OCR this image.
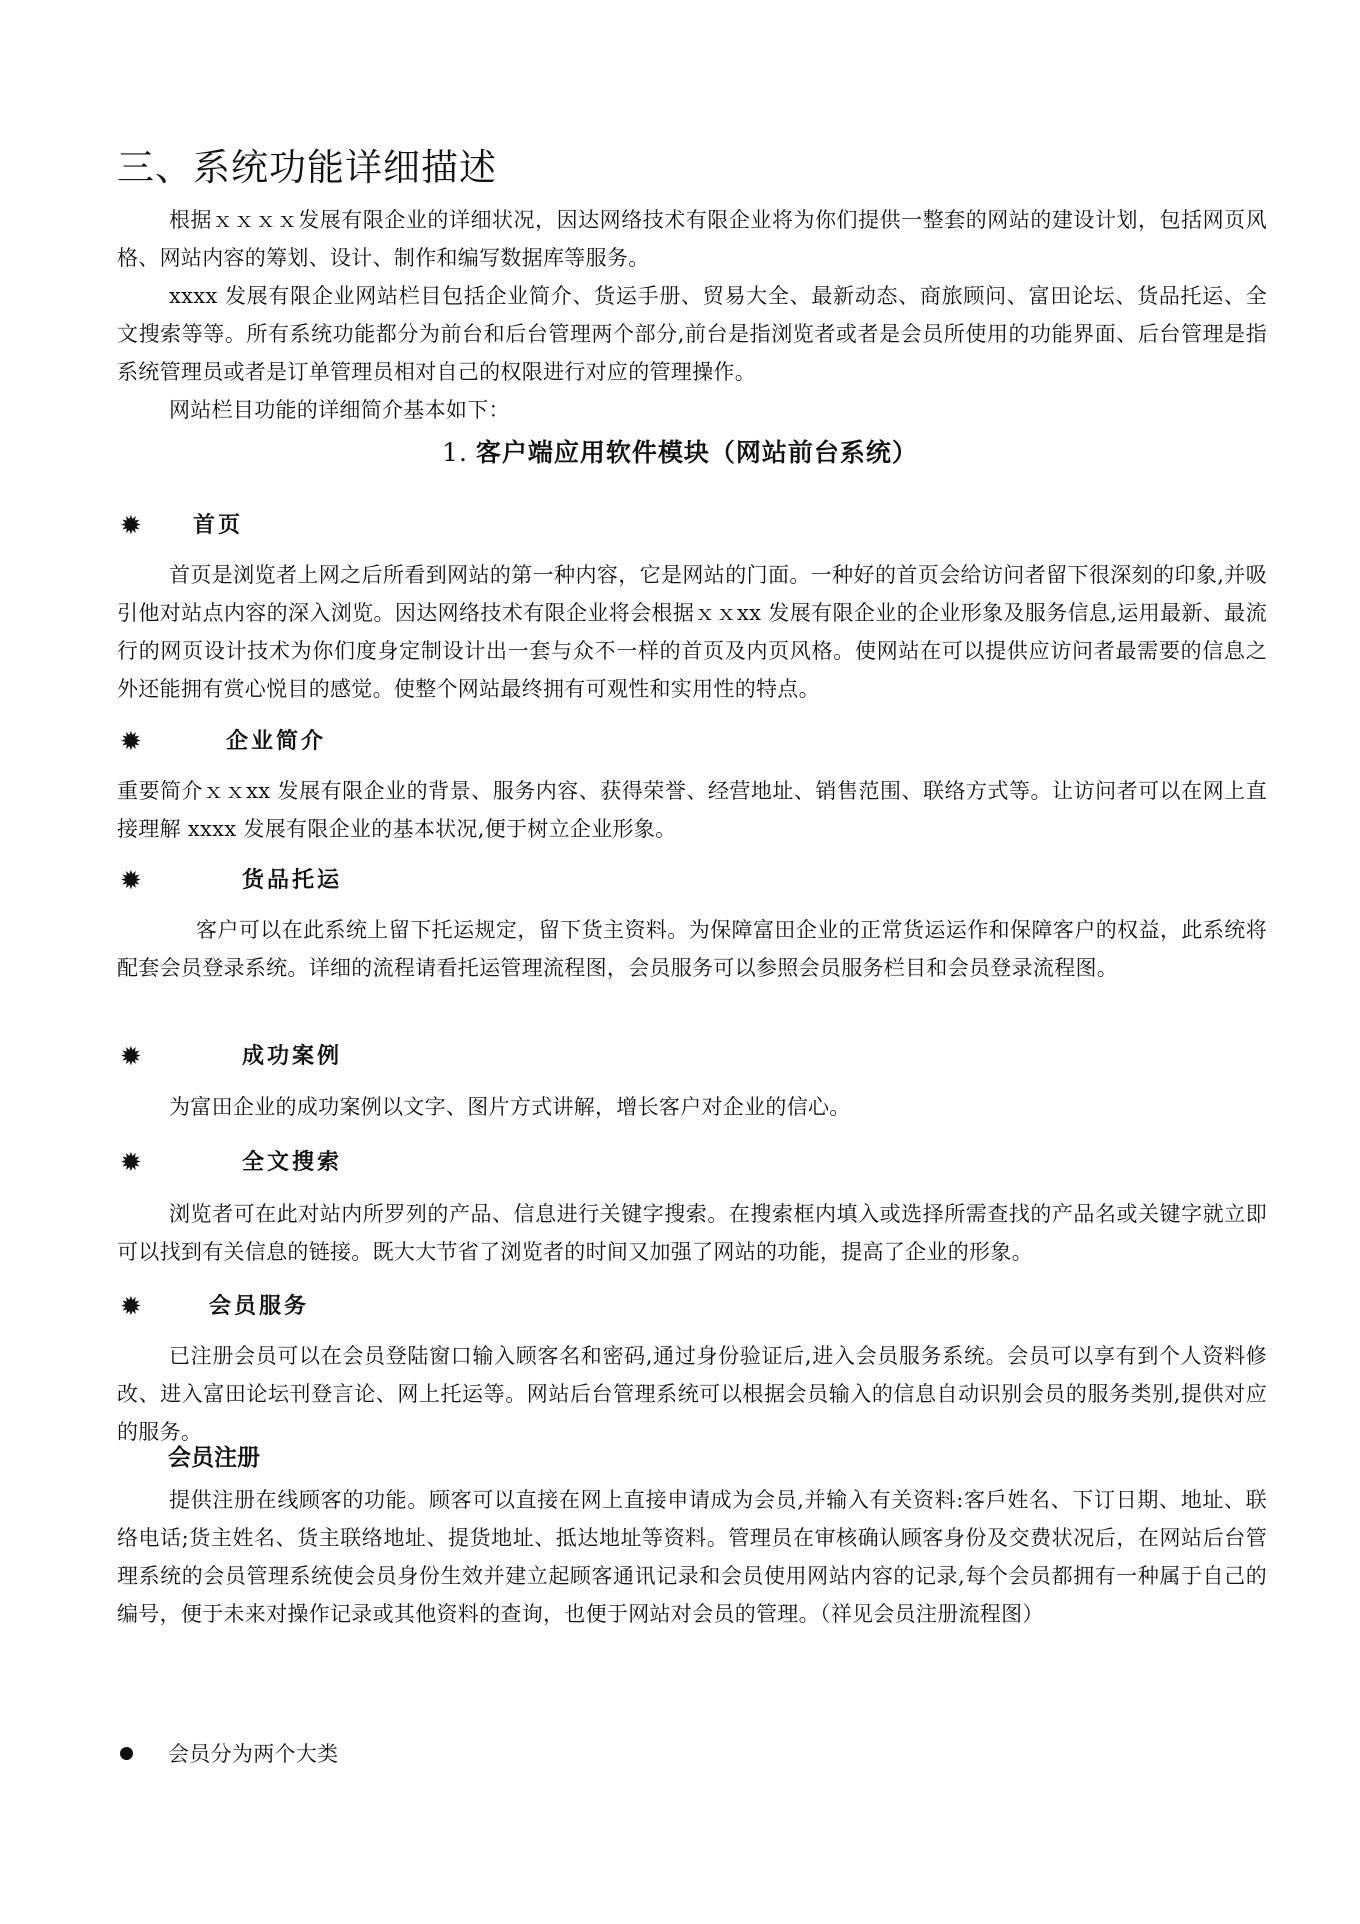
三、系统功能详细描述

根据ｘｘｘｘ发展有限企业的详细状况，因达网络技术有限企业将为你们提供一整套的网站的建设计划，包括网页风格、网站内容的筹划、设计、制作和编写数据库等服务。

xxxx 发展有限企业网站栏目包括企业简介、货运手册、贸易大全、最新动态、商旅顾问、富田论坛、货品托运、全文搜索等等。所有系统功能都分为前台和后台管理两个部分,前台是指浏览者或者是会员所使用的功能界面、后台管理是指系统管理员或者是订单管理员相对自己的权限进行对应的管理操作。

网站栏目功能的详细简介基本如下：

1. 客户端应用软件模块（网站前台系统）
✹ 首页

首页是浏览者上网之后所看到网站的第一种内容，它是网站的门面。一种好的首页会给访问者留下很深刻的印象,并吸引他对站点内容的深入浏览。因达网络技术有限企业将会根据ｘｘxx 发展有限企业的企业形象及服务信息,运用最新、最流行的网页设计技术为你们度身定制设计出一套与众不一样的首页及内页风格。使网站在可以提供应访问者最需要的信息之外还能拥有赏心悦目的感觉。使整个网站最终拥有可观性和实用性的特点。

✹	企业简介

重要简介ｘｘxx 发展有限企业的背景、服务内容、获得荣誉、经营地址、销售范围、联络方式等。让访问者可以在网上直接理解 xxxx 发展有限企业的基本状况,便于树立企业形象。

✹	货品托运

客户可以在此系统上留下托运规定，留下货主资料。为保障富田企业的正常货运运作和保障客户的权益，此系统将配套会员登录系统。详细的流程请看托运管理流程图，会员服务可以参照会员服务栏目和会员登录流程图。

✹	成功案例

为富田企业的成功案例以文字、图片方式讲解，增长客户对企业的信心。

✹	全文搜索

浏览者可在此对站内所罗列的产品、信息进行关键字搜索。在搜索框内填入或选择所需查找的产品名或关键字就立即可以找到有关信息的链接。既大大节省了浏览者的时间又加强了网站的功能，提高了企业的形象。

✹	会员服务

已注册会员可以在会员登陆窗口输入顾客名和密码,通过身份验证后,进入会员服务系统。会员可以享有到个人资料修改、进入富田论坛刊登言论、网上托运等。网站后台管理系统可以根据会员输入的信息自动识别会员的服务类别,提供对应的服务。

会员注册

提供注册在线顾客的功能。顾客可以直接在网上直接申请成为会员,并输入有关资料:客戶姓名、下订日期、地址、联络电话;货主姓名、货主联络地址、提货地址、抵达地址等资料。管理员在审核确认顾客身份及交费状况后，在网站后台管理系统的会员管理系统使会员身份生效并建立起顾客通讯记录和会员使用网站内容的记录,每个会员都拥有一种属于自己的编号，便于未来对操作记录或其他资料的查询，也便于网站对会员的管理。（祥见会员注册流程图）

会员分为两个大类
